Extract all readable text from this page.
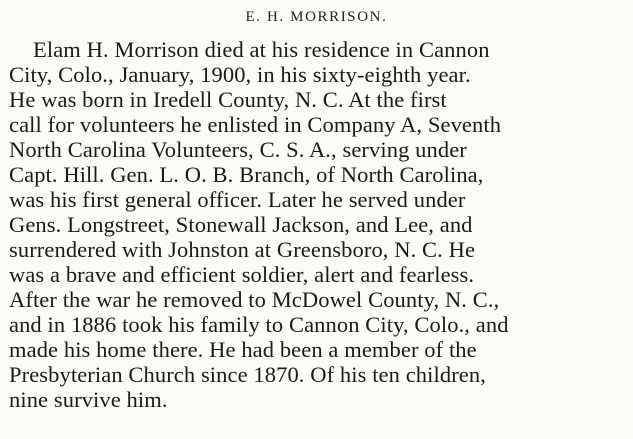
E. H. MORRISON.
Elam H. Morrison died at his residence in Cannon
City, Colo., January, 1900, in his sixty-eighth year.
He was born in Iredell County, N. C. At the first
call for volunteers he enlisted in Company A, Seventh
North Carolina Volunteers, C. S. A., serving under
Capt. Hill. Gen. L. O. B. Branch, of North Carolina,
was his first general officer. Later he served under
Gens. Longstreet, Stonewall Jackson, and Lee, and
surrendered with Johnston at Greensboro, N. C. He
was a brave and efficient soldier, alert and fearless.
After the war he removed to McDowel County, N. C.,
and in 1886 took his family to Cannon City, Colo., and
made his home there. He had been a member of the
Presbyterian Church since 1870. Of his ten children,
nine survive him.
